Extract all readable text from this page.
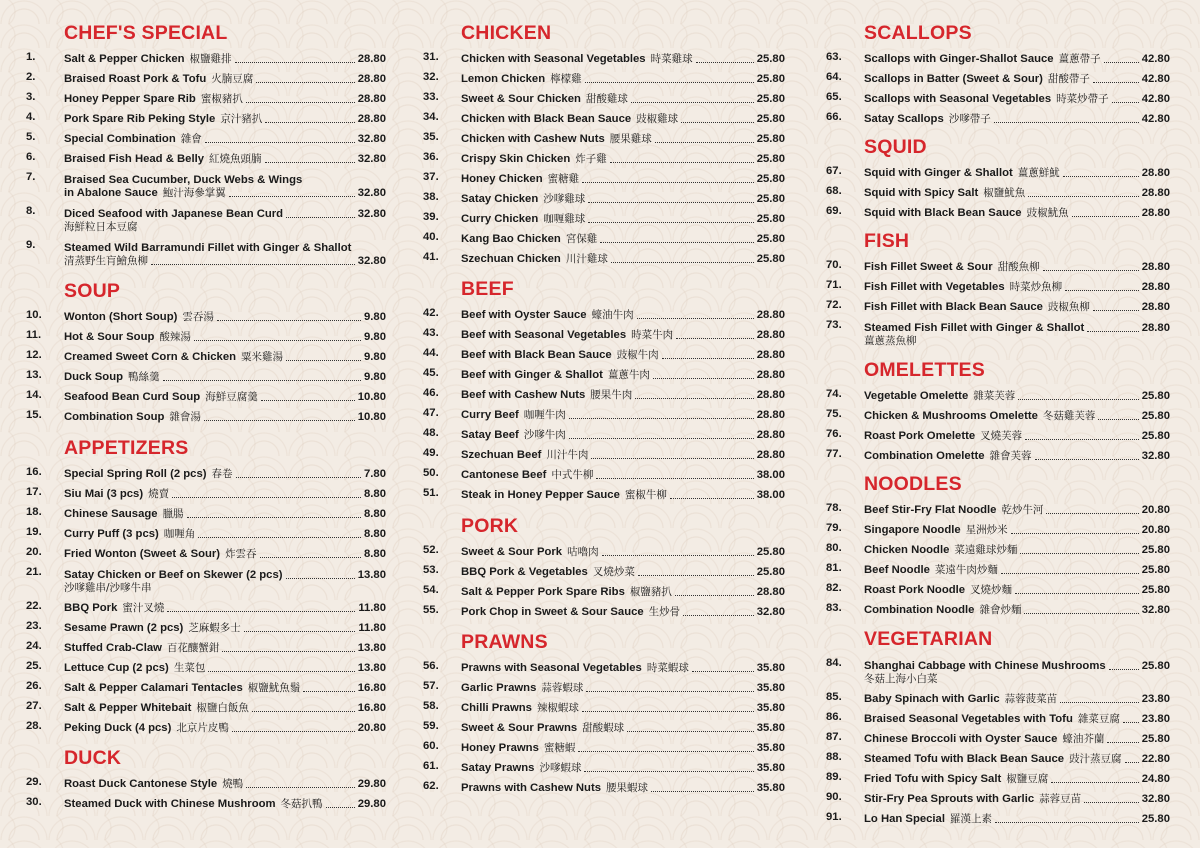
CHEF'S SPECIAL
1.	Salt & Pepper Chicken 椒鹽雞排	28.80
2.	Braised Roast Pork & Tofu 火腩豆腐	28.80
3.	Honey Pepper Spare Rib 蜜椒豬扒	28.80
4.	Pork Spare Rib Peking Style 京汁豬扒	28.80
5.	Special Combination 雜會	32.80
6.	Braised Fish Head & Belly 紅燒魚頭腩	32.80
7.	Braised Sea Cucumber, Duck Webs & Wings
in Abalone Sauce 鮑汁海參掌翼	32.80
8.	Diced Seafood with Japanese Bean Curd	32.80
海鮮粒日本豆腐
9.	Steamed Wild Barramundi Fillet with Ginger & Shallot
清蒸野生肓鱠魚柳	32.80
SOUP
10.	Wonton (Short Soup) 雲吞湯	9.80
11.	Hot & Sour Soup 酸辣湯	9.80
12.	Creamed Sweet Corn & Chicken 粟米雞湯	9.80
13.	Duck Soup 鴨絲羹	9.80
14.	Seafood Bean Curd Soup 海鮮豆腐羹	10.80
15.	Combination Soup 雜會湯	10.80
APPETIZERS
16.	Special Spring Roll (2 pcs) 春卷	7.80
17.	Siu Mai (3 pcs) 燒賣	8.80
18.	Chinese Sausage 臘腸	8.80
19.	Curry Puff (3 pcs) 咖喱角	8.80
20.	Fried Wonton (Sweet & Sour) 炸雲吞	8.80
21.	Satay Chicken or Beef on Skewer (2 pcs)	13.80
沙嗲雞串/沙嗲牛串
22.	BBQ Pork 蜜汁叉燒	11.80
23.	Sesame Prawn (2 pcs) 芝麻蝦多士	11.80
24.	Stuffed Crab-Claw 百花釀蟹鉗	13.80
25.	Lettuce Cup (2 pcs) 生菜包	13.80
26.	Salt & Pepper Calamari Tentacles 椒鹽魷魚鬚	16.80
27.	Salt & Pepper Whitebait 椒鹽白飯魚	16.80
28.	Peking Duck (4 pcs) 北京片皮鴨	20.80
DUCK
29.	Roast Duck Cantonese Style 燒鴨	29.80
30.	Steamed Duck with Chinese Mushroom 冬菇扒鴨	29.80
CHICKEN
31.	Chicken with Seasonal Vegetables 時菜雞球	25.80
32.	Lemon Chicken 檸檬雞	25.80
33.	Sweet & Sour Chicken 甜酸雞球	25.80
34.	Chicken with Black Bean Sauce 豉椒雞球	25.80
35.	Chicken with Cashew Nuts 腰果雞球	25.80
36.	Crispy Skin Chicken 炸子雞	25.80
37.	Honey Chicken 蜜糖雞	25.80
38.	Satay Chicken 沙嗲雞球	25.80
39.	Curry Chicken 咖喱雞球	25.80
40.	Kang Bao Chicken 宮保雞	25.80
41.	Szechuan Chicken 川汁雞球	25.80
BEEF
42.	Beef with Oyster Sauce 蠔油牛肉	28.80
43.	Beef with Seasonal Vegetables 時菜牛肉	28.80
44.	Beef with Black Bean Sauce 豉椒牛肉	28.80
45.	Beef with Ginger & Shallot 薑蔥牛肉	28.80
46.	Beef with Cashew Nuts 腰果牛肉	28.80
47.	Curry Beef 咖喱牛肉	28.80
48.	Satay Beef 沙嗲牛肉	28.80
49.	Szechuan Beef 川汁牛肉	28.80
50.	Cantonese Beef 中式牛柳	38.00
51.	Steak in Honey Pepper Sauce 蜜椒牛柳	38.00
PORK
52.	Sweet & Sour Pork 咕嚕肉	25.80
53.	BBQ Pork & Vegetables 叉燒炒菜	25.80
54.	Salt & Pepper Pork Spare Ribs 椒鹽豬扒	28.80
55.	Pork Chop in Sweet & Sour Sauce 生炒骨	32.80
PRAWNS
56.	Prawns with Seasonal Vegetables 時菜蝦球	35.80
57.	Garlic Prawns 蒜蓉蝦球	35.80
58.	Chilli Prawns 辣椒蝦球	35.80
59.	Sweet & Sour Prawns 甜酸蝦球	35.80
60.	Honey Prawns 蜜糖蝦	35.80
61.	Satay Prawns 沙嗲蝦球	35.80
62.	Prawns with Cashew Nuts 腰果蝦球	35.80
SCALLOPS
63.	Scallops with Ginger-Shallot Sauce 薑蔥帶子	42.80
64.	Scallops in Batter (Sweet & Sour) 甜酸帶子	42.80
65.	Scallops with Seasonal Vegetables 時菜炒帶子	42.80
66.	Satay Scallops 沙嗲帶子	42.80
SQUID
67.	Squid with Ginger & Shallot 薑蔥鮮魷	28.80
68.	Squid with Spicy Salt 椒鹽魷魚	28.80
69.	Squid with Black Bean Sauce 豉椒魷魚	28.80
FISH
70.	Fish Fillet Sweet & Sour 甜酸魚柳	28.80
71.	Fish Fillet with Vegetables 時菜炒魚柳	28.80
72.	Fish Fillet with Black Bean Sauce 豉椒魚柳	28.80
73.	Steamed Fish Fillet with Ginger & Shallot	28.80
薑蔥蒸魚柳
OMELETTES
74.	Vegetable Omelette 雜菜芙蓉	25.80
75.	Chicken & Mushrooms Omelette 冬菇雞芙蓉	25.80
76.	Roast Pork Omelette 叉燒芙蓉	25.80
77.	Combination Omelette 雜會芙蓉	32.80
NOODLES
78.	Beef Stir-Fry Flat Noodle 乾炒牛河	20.80
79.	Singapore Noodle 星洲炒米	20.80
80.	Chicken Noodle 菜遠雞球炒麵	25.80
81.	Beef Noodle 菜遠牛肉炒麵	25.80
82.	Roast Pork Noodle 叉燒炒麵	25.80
83.	Combination Noodle 雜會炒麵	32.80
VEGETARIAN
84.	Shanghai Cabbage with Chinese Mushrooms	25.80
冬菇上海小白菜
85.	Baby Spinach with Garlic 蒜蓉菠菜苗	23.80
86.	Braised Seasonal Vegetables with Tofu 雜菜豆腐 23.80
87.	Chinese Broccoli with Oyster Sauce 蠔油芥蘭	25.80
88.	Steamed Tofu with Black Bean Sauce 豉汁蒸豆腐 22.80
89.	Fried Tofu with Spicy Salt 椒鹽豆腐	24.80
90.	Stir-Fry Pea Sprouts with Garlic 蒜蓉豆苗	32.80
91.	Lo Han Special 羅漢上素	25.80
